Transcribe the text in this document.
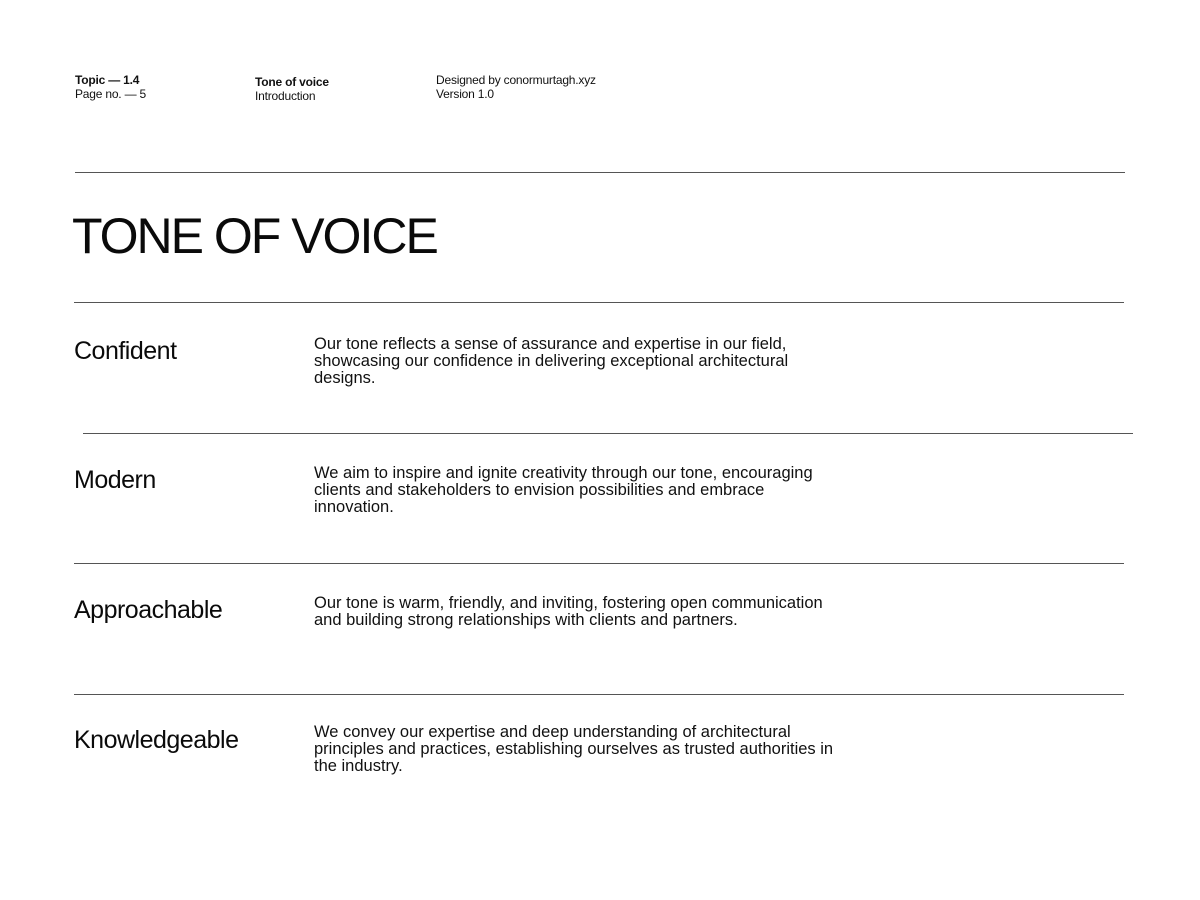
Topic — 1.4
Page no. — 5
Tone of voice
Introduction
Designed by conormurtagh.xyz
Version 1.0
TONE OF VOICE
Confident	Our tone reflects a sense of assurance and expertise in our field, showcasing our confidence in delivering exceptional architectural designs.

Modern	We aim to inspire and ignite creativity through our tone, encouraging clients and stakeholders to envision possibilities and embrace innovation.

Approachable	Our tone is warm, friendly, and inviting, fostering open communication and building strong relationships with clients and partners.

Knowledgeable	We convey our expertise and deep understanding of architectural principles and practices, establishing ourselves as trusted authorities in the industry.
